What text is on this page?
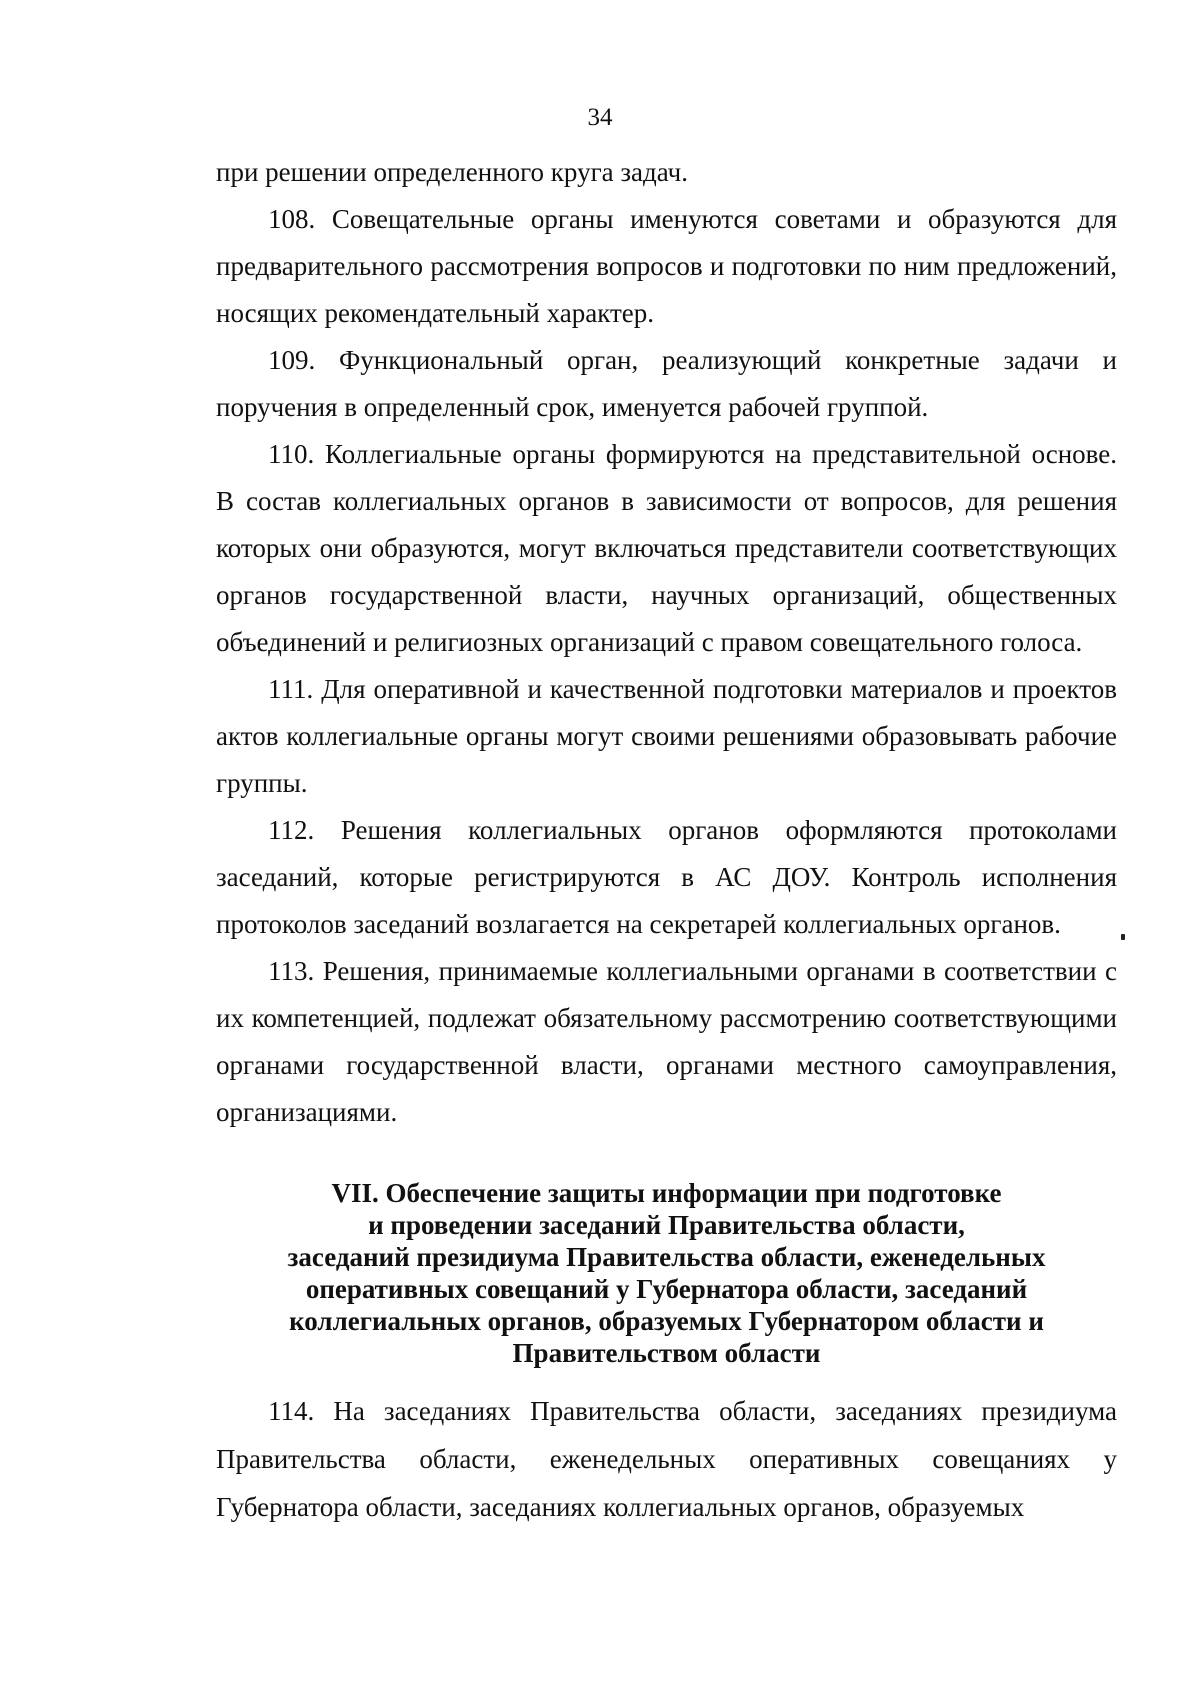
34

при решении определенного круга задач.

108. Совещательные органы именуются советами и образуются для предварительного рассмотрения вопросов и подготовки по ним предложений, носящих рекомендательный характер.

109. Функциональный орган, реализующий конкретные задачи и поручения в определенный срок, именуется рабочей группой.

110. Коллегиальные органы формируются на представительной основе. В состав коллегиальных органов в зависимости от вопросов, для решения которых они образуются, могут включаться представители соответствующих органов государственной власти, научных организаций, общественных объединений и религиозных организаций с правом совещательного голоса.

111. Для оперативной и качественной подготовки материалов и проектов актов коллегиальные органы могут своими решениями образовывать рабочие группы.

112. Решения коллегиальных органов оформляются протоколами заседаний, которые регистрируются в АС ДОУ. Контроль исполнения протоколов заседаний возлагается на секретарей коллегиальных органов.

113. Решения, принимаемые коллегиальными органами в соответствии с их компетенцией, подлежат обязательному рассмотрению соответствующими органами государственной власти, органами местного самоуправления, организациями.

VII. Обеспечение защиты информации при подготовке
и проведении заседаний Правительства области,
заседаний президиума Правительства области, еженедельных
оперативных совещаний у Губернатора области, заседаний
коллегиальных органов, образуемых Губернатором области и
Правительством области

114. На заседаниях Правительства области, заседаниях президиума Правительства области, еженедельных оперативных совещаниях у Губернатора области, заседаниях коллегиальных органов, образуемых
